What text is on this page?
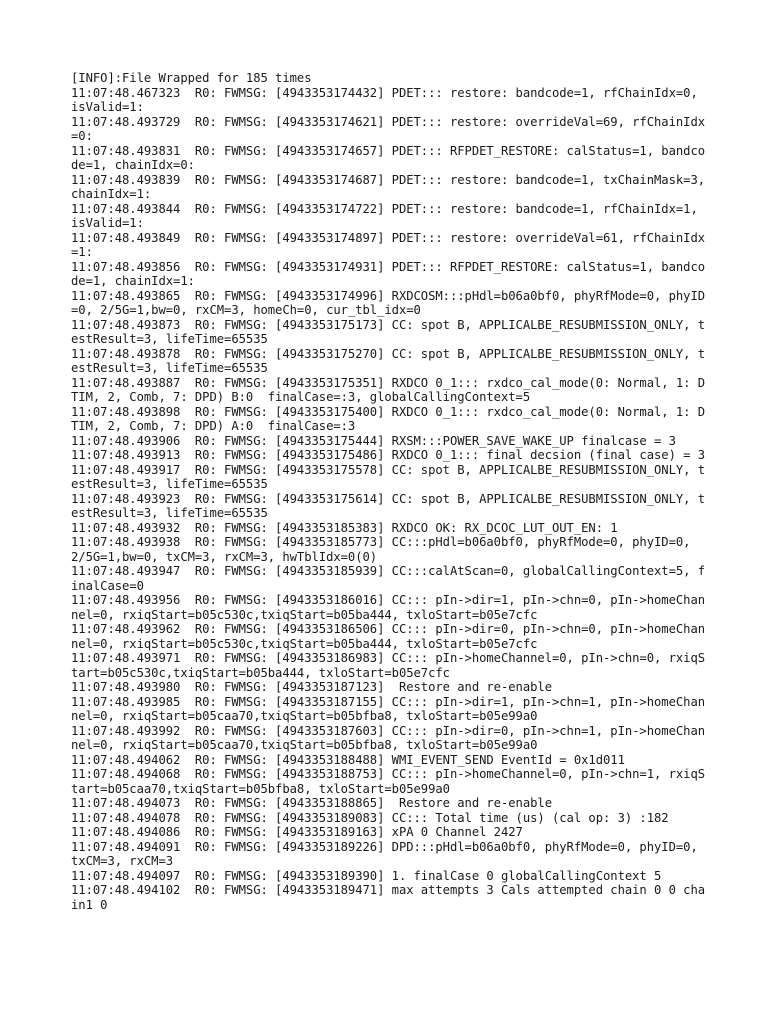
[INFO]:File Wrapped for 185 times
11:07:48.467323  R0: FWMSG: [4943353174432] PDET::: restore: bandcode=1, rfChainIdx=0, isValid=1:
11:07:48.493729  R0: FWMSG: [4943353174621] PDET::: restore: overrideVal=69, rfChainIdx=0:
11:07:48.493831  R0: FWMSG: [4943353174657] PDET::: RFPDET_RESTORE: calStatus=1, bandcode=1, chainIdx=0:
11:07:48.493839  R0: FWMSG: [4943353174687] PDET::: restore: bandcode=1, txChainMask=3, chainIdx=1:
11:07:48.493844  R0: FWMSG: [4943353174722] PDET::: restore: bandcode=1, rfChainIdx=1, isValid=1:
11:07:48.493849  R0: FWMSG: [4943353174897] PDET::: restore: overrideVal=61, rfChainIdx=1:
11:07:48.493856  R0: FWMSG: [4943353174931] PDET::: RFPDET_RESTORE: calStatus=1, bandcode=1, chainIdx=1:
11:07:48.493865  R0: FWMSG: [4943353174996] RXDCOSM:::pHdl=b06a0bf0, phyRfMode=0, phyID=0, 2/5G=1,bw=0, rxCM=3, homeCh=0, cur_tbl_idx=0
11:07:48.493873  R0: FWMSG: [4943353175173] CC: spot B, APPLICALBE_RESUBMISSION_ONLY, testResult=3, lifeTime=65535
11:07:48.493878  R0: FWMSG: [4943353175270] CC: spot B, APPLICALBE_RESUBMISSION_ONLY, testResult=3, lifeTime=65535
11:07:48.493887  R0: FWMSG: [4943353175351] RXDCO 0_1::: rxdco_cal_mode(0: Normal, 1: DTIM, 2, Comb, 7: DPD) B:0  finalCase=:3, globalCallingContext=5
11:07:48.493898  R0: FWMSG: [4943353175400] RXDCO 0_1::: rxdco_cal_mode(0: Normal, 1: DTIM, 2, Comb, 7: DPD) A:0  finalCase=:3
11:07:48.493906  R0: FWMSG: [4943353175444] RXSM:::POWER_SAVE_WAKE_UP finalcase = 3
11:07:48.493913  R0: FWMSG: [4943353175486] RXDCO 0_1::: final decsion (final case) = 3
11:07:48.493917  R0: FWMSG: [4943353175578] CC: spot B, APPLICALBE_RESUBMISSION_ONLY, testResult=3, lifeTime=65535
11:07:48.493923  R0: FWMSG: [4943353175614] CC: spot B, APPLICALBE_RESUBMISSION_ONLY, testResult=3, lifeTime=65535
11:07:48.493932  R0: FWMSG: [4943353185383] RXDCO OK: RX_DCOC_LUT_OUT_EN: 1
11:07:48.493938  R0: FWMSG: [4943353185773] CC:::pHdl=b06a0bf0, phyRfMode=0, phyID=0, 2/5G=1,bw=0, txCM=3, rxCM=3, hwTblIdx=0(0)
11:07:48.493947  R0: FWMSG: [4943353185939] CC:::calAtScan=0, globalCallingContext=5, finalCase=0
11:07:48.493956  R0: FWMSG: [4943353186016] CC::: pIn->dir=1, pIn->chn=0, pIn->homeChannel=0, rxiqStart=b05c530c,txiqStart=b05ba444, txloStart=b05e7cfc
11:07:48.493962  R0: FWMSG: [4943353186506] CC::: pIn->dir=0, pIn->chn=0, pIn->homeChannel=0, rxiqStart=b05c530c,txiqStart=b05ba444, txloStart=b05e7cfc
11:07:48.493971  R0: FWMSG: [4943353186983] CC::: pIn->homeChannel=0, pIn->chn=0, rxiqStart=b05c530c,txiqStart=b05ba444, txloStart=b05e7cfc
11:07:48.493980  R0: FWMSG: [4943353187123]  Restore and re-enable
11:07:48.493985  R0: FWMSG: [4943353187155] CC::: pIn->dir=1, pIn->chn=1, pIn->homeChannel=0, rxiqStart=b05caa70,txiqStart=b05bfba8, txloStart=b05e99a0
11:07:48.493992  R0: FWMSG: [4943353187603] CC::: pIn->dir=0, pIn->chn=1, pIn->homeChannel=0, rxiqStart=b05caa70,txiqStart=b05bfba8, txloStart=b05e99a0
11:07:48.494062  R0: FWMSG: [4943353188488] WMI_EVENT_SEND EventId = 0x1d011
11:07:48.494068  R0: FWMSG: [4943353188753] CC::: pIn->homeChannel=0, pIn->chn=1, rxiqStart=b05caa70,txiqStart=b05bfba8, txloStart=b05e99a0
11:07:48.494073  R0: FWMSG: [4943353188865]  Restore and re-enable
11:07:48.494078  R0: FWMSG: [4943353189083] CC::: Total time (us) (cal op: 3) :182
11:07:48.494086  R0: FWMSG: [4943353189163] xPA 0 Channel 2427
11:07:48.494091  R0: FWMSG: [4943353189226] DPD:::pHdl=b06a0bf0, phyRfMode=0, phyID=0, txCM=3, rxCM=3
11:07:48.494097  R0: FWMSG: [4943353189390] 1. finalCase 0 globalCallingContext 5
11:07:48.494102  R0: FWMSG: [4943353189471] max attempts 3 Cals attempted chain 0 0 chain1 0
